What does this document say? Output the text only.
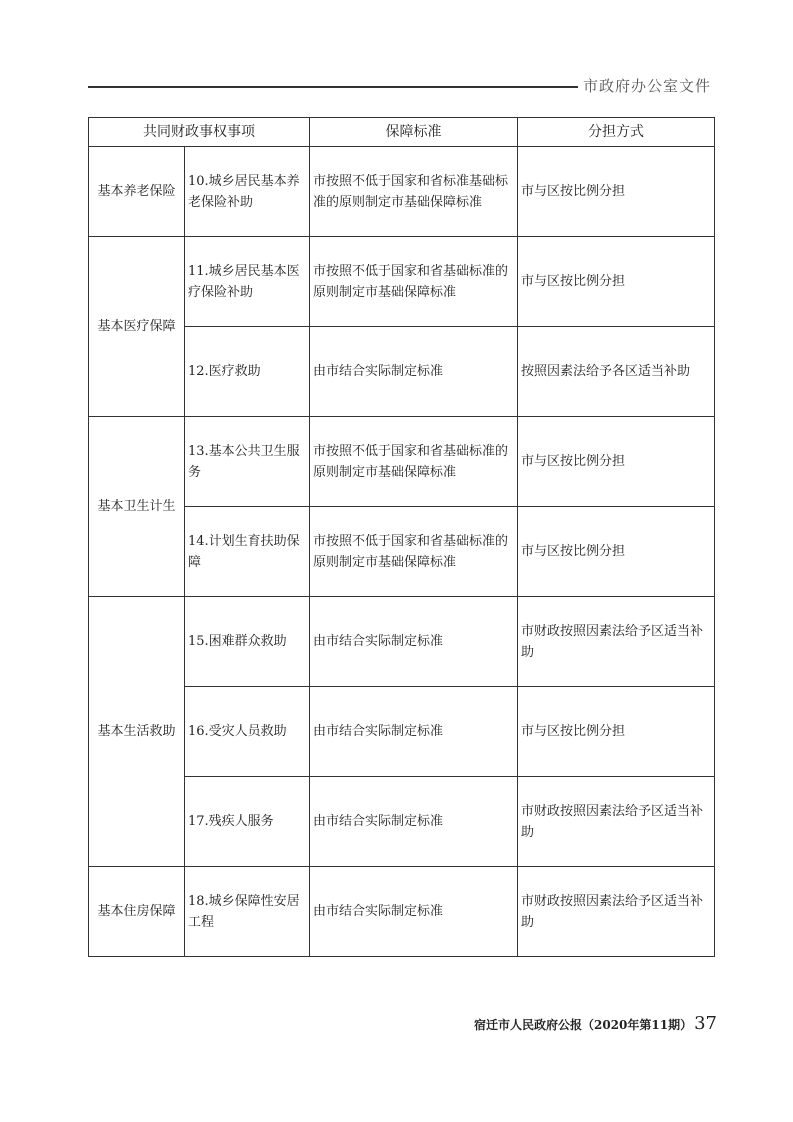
市政府办公室文件
共同财政事权事项		保障标准	分担方式
基本养老保险	10.城乡居民基本养老保险补助	市按照不低于国家和省标准基础标准的原则制定市基础保障标准	市与区按比例分担
基本医疗保障	11.城乡居民基本医疗保险补助	市按照不低于国家和省基础标准的原则制定市基础保障标准	市与区按比例分担
	12.医疗救助	由市结合实际制定标准	按照因素法给予各区适当补助
基本卫生计生	13.基本公共卫生服务	市按照不低于国家和省基础标准的原则制定市基础保障标准	市与区按比例分担
	14.计划生育扶助保障	市按照不低于国家和省基础标准的原则制定市基础保障标准	市与区按比例分担
基本生活救助	15.困难群众救助	由市结合实际制定标准	市财政按照因素法给予区适当补助
	16.受灾人员救助	由市结合实际制定标准	市与区按比例分担
	17.残疾人服务	由市结合实际制定标准	市财政按照因素法给予区适当补助
基本住房保障	18.城乡保障性安居工程	由市结合实际制定标准	市财政按照因素法给予区适当补助
宿迁市人民政府公报（2020年第11期） 37
